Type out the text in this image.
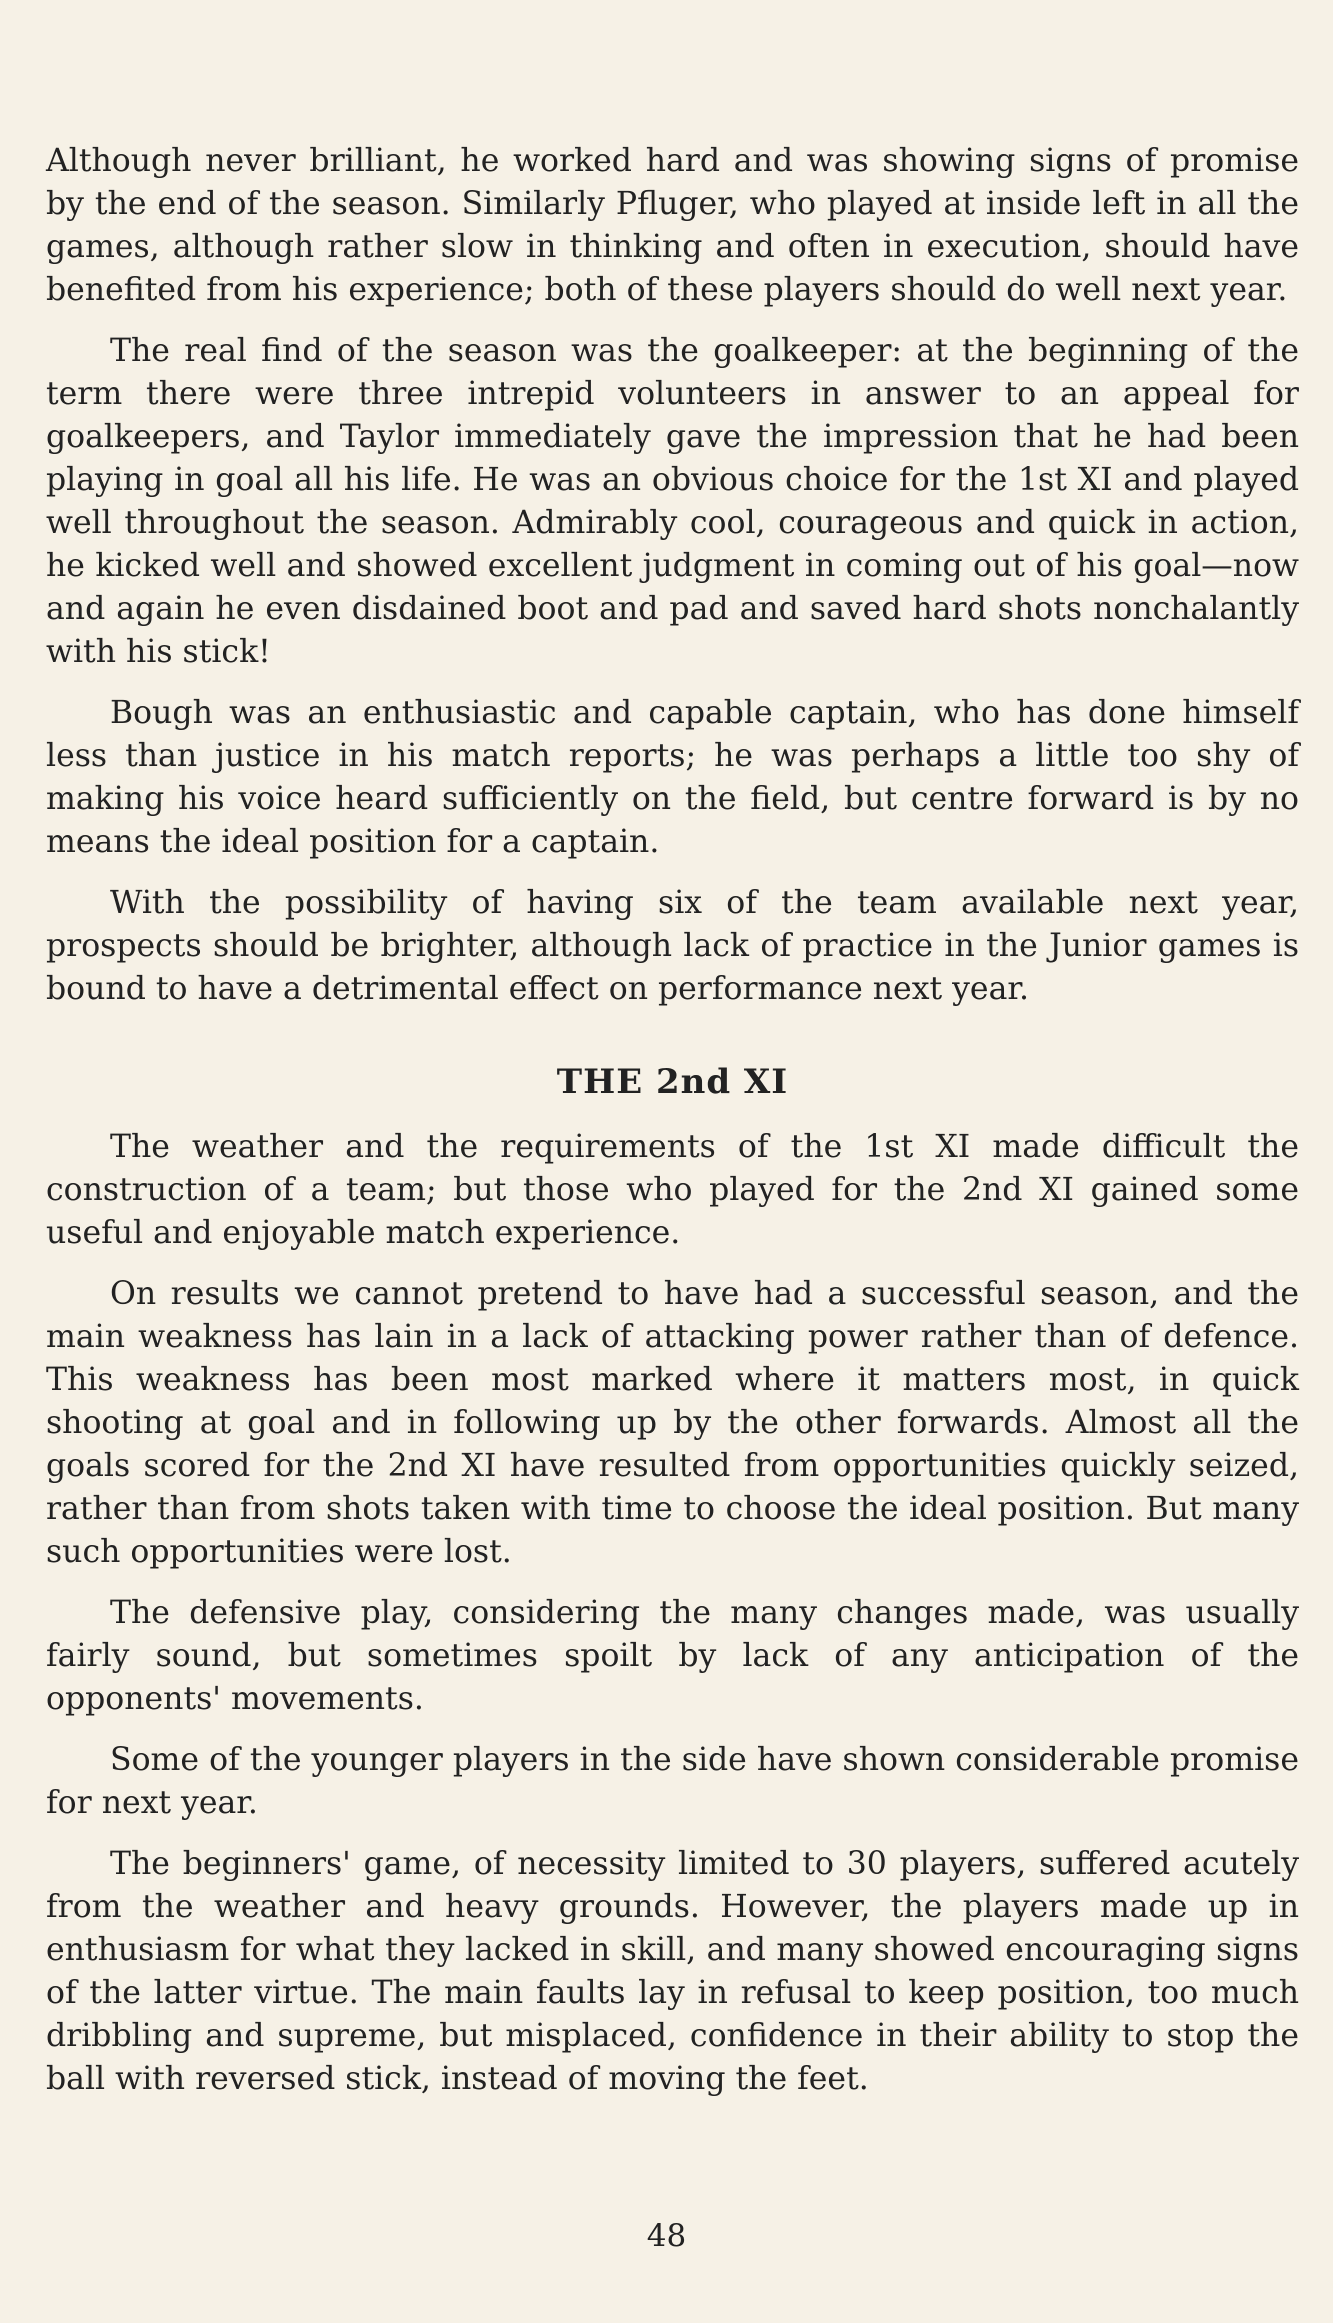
Although never brilliant, he worked hard and was showing signs of promise by the end of the season. Similarly Pfluger, who played at inside left in all the games, although rather slow in thinking and often in execution, should have benefited from his experience; both of these players should do well next year.

The real find of the season was the goalkeeper: at the beginning of the term there were three intrepid volunteers in answer to an appeal for goalkeepers, and Taylor immediately gave the impression that he had been playing in goal all his life. He was an obvious choice for the 1st XI and played well throughout the season. Admirably cool, courageous and quick in action, he kicked well and showed excellent judgment in coming out of his goal—now and again he even disdained boot and pad and saved hard shots nonchalantly with his stick!

Bough was an enthusiastic and capable captain, who has done himself less than justice in his match reports; he was perhaps a little too shy of making his voice heard sufficiently on the field, but centre forward is by no means the ideal position for a captain.

With the possibility of having six of the team available next year, prospects should be brighter, although lack of practice in the Junior games is bound to have a detrimental effect on performance next year.

THE 2nd XI

The weather and the requirements of the 1st XI made difficult the construction of a team; but those who played for the 2nd XI gained some useful and enjoyable match experience.

On results we cannot pretend to have had a successful season, and the main weakness has lain in a lack of attacking power rather than of defence. This weakness has been most marked where it matters most, in quick shooting at goal and in following up by the other forwards. Almost all the goals scored for the 2nd XI have resulted from opportunities quickly seized, rather than from shots taken with time to choose the ideal position. But many such opportunities were lost.

The defensive play, considering the many changes made, was usually fairly sound, but sometimes spoilt by lack of any anticipation of the opponents' movements.

Some of the younger players in the side have shown considerable promise for next year.

The beginners' game, of necessity limited to 30 players, suffered acutely from the weather and heavy grounds. However, the players made up in enthusiasm for what they lacked in skill, and many showed encouraging signs of the latter virtue. The main faults lay in refusal to keep position, too much dribbling and supreme, but misplaced, confidence in their ability to stop the ball with reversed stick, instead of moving the feet.

48
